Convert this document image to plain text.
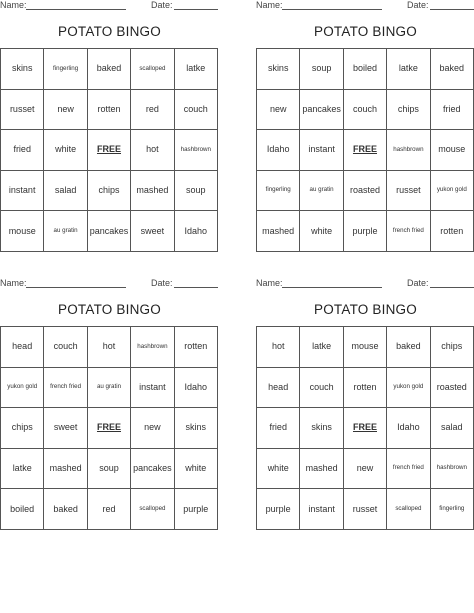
Name:	Date:
POTATO BINGO
skins	fingerling	baked	scalloped	latke
russet	new	rotten	red	couch
fried	white	FREE	hot	hashbrown
instant	salad	chips	mashed	soup
mouse	au gratin	pancakes	sweet	Idaho
Name:	Date:
POTATO BINGO
skins	soup	boiled	latke	baked
new	pancakes	couch	chips	fried
Idaho	instant	FREE	hashbrown	mouse
fingerling	au gratin	roasted	russet	yukon gold
mashed	white	purple	french fried	rotten
Name:	Date:
POTATO BINGO
head	couch	hot	hashbrown	rotten
yukon gold	french fried	au gratin	instant	Idaho
chips	sweet	FREE	new	skins
latke	mashed	soup	pancakes	white
boiled	baked	red	scalloped	purple
Name:	Date:
POTATO BINGO
hot	latke	mouse	baked	chips
head	couch	rotten	yukon gold	roasted
fried	skins	FREE	Idaho	salad
white	mashed	new	french fried	hashbrown
purple	instant	russet	scalloped	fingerling
